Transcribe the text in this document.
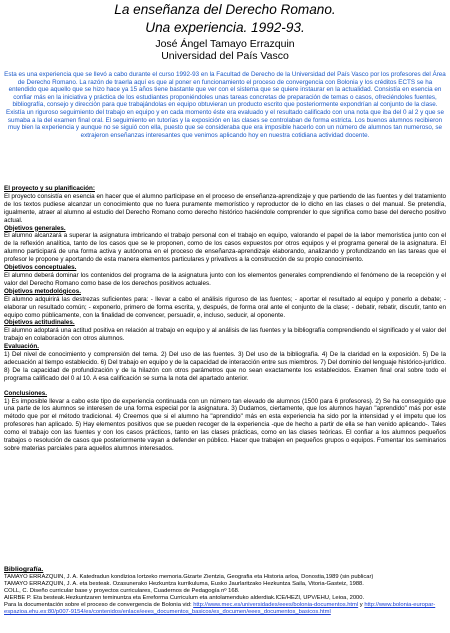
La enseñanza del Derecho Romano.
Una experiencia. 1992-93.
José Ángel Tamayo Errazquin
Universidad del País Vasco
Esta es una experiencia que se llevó a cabo durante el curso 1992-93 en la Facultad de Derecho de la Universidad del País Vasco por los profesores del Área de Derecho Romano. La razón de traerla aquí es que al poner en funcionamiento el proceso de convergencia con Bolonia y los créditos ECTS se ha entendido que aquello que se hizo hace ya 15 años tiene bastante que ver con el sistema que se quiere instaurar en la actualidad. Consistía en esencia en confiar más en la iniciativa y práctica de los estudiantes proponiéndoles unas tareas concretas de preparación de temas o casos, ofreciéndoles fuentes, bibliografía, consejo y dirección para que trabajándolas en equipo obtuvieran un producto escrito que posteriormente expondrían al conjunto de la clase. Existía un riguroso seguimiento del trabajo en equipo y en cada momento éste era evaluado y el resultado calificado con una nota que iba del 0 al 2 y que se sumaba a la del examen final oral. El seguimiento en tutorías y la exposición en las clases se controlaban de forma estricta. Los buenos alumnos recibieron muy bien la experiencia y aunque no se siguió con ella, puesto que se consideraba que era imposible hacerlo con un número de alumnos tan numeroso, se extrajeron enseñanzas interesantes que venimos aplicando hoy en nuestra cotidiana actividad docente.
El proyecto y su planificación:

El proyecto consistía en esencia en hacer que el alumno participase en el proceso de enseñanza-aprendizaje y que partiendo de las fuentes y del tratamiento de los textos pudiese alcanzar un conocimiento que no fuera puramente memorístico y reproductor de lo dicho en las clases o del manual. Se pretendía, igualmente, atraer al alumno al estudio del Derecho Romano como derecho histórico haciéndole comprender lo que significa como base del derecho positivo actual.

Objetivos generales.

El alumno alcanzará a superar la asignatura imbricando el trabajo personal con el trabajo en equipo, valorando el papel de la labor memorística junto con el de la reflexión analítica, tanto de los casos que se le proponen, como de los casos expuestos por otros equipos y el programa general de la asignatura. El alumno participará de una forma activa y autónoma en el proceso de enseñanza-aprendizaje elaborando, analizando y profundizando en las tareas que el profesor le propone y aportando de esta manera elementos particulares y privativos a la construcción de su propio conocimiento.

Objetivos conceptuales.

El alumno deberá dominar los contenidos del programa de la asignatura junto con los elementos generales comprendiendo el fenómeno de la recepción y el valor del Derecho Romano como base de los derechos positivos actuales.

Objetivos metodológicos.

El alumno adquirirá las destrezas suficientes para: - llevar a cabo el análisis riguroso de las fuentes; - aportar el resultado al equipo y ponerlo a debate; - elaborar un resultado común; - exponerlo, primero de forma escrita, y, después, de forma oral ante el conjunto de la clase; - debatir, rebatir, discutir, tanto en equipo como públicamente, con la finalidad de convencer, persuadir, e, incluso, seducir, al oponente.

Objetivos actitudinales.

El alumno adoptará una actitud positiva en relación al trabajo en equipo y al análisis de las fuentes y la bibliografía comprendiendo el significado y el valor del trabajo en colaboración con otros alumnos.

Evaluación.

1) Del nivel de conocimiento y comprensión del tema. 2) Del uso de las fuentes. 3) Del uso de la bibliografía. 4) De la claridad en la exposición. 5) De la adecuación al tiempo establecido. 6) Del trabajo en equipo y de la capacidad de interacción entre sus miembros. 7) Del dominio del lenguaje histórico-jurídico. 8) De la capacidad de profundización y de la hilazón con otros parámetros que no sean exactamente los establecidos. Examen final oral sobre todo el programa calificado del 0 al 10. A esa calificación se suma la nota del apartado anterior.

Conclusiones.

1) Es imposible llevar a cabo este tipo de experiencia continuada con un número tan elevado de alumnos (1500 para 6 profesores). 2) Se ha conseguido que una parte de los alumnos se interesen de una forma especial por la asignatura. 3) Dudamos, ciertamente, que los alumnos hayan "aprendido" más por este método que por el método tradicional. 4) Creemos que si el alumno ha "aprendido" más en esta experiencia ha sido por la intensidad y el ímpetu que los profesores han aplicado. 5) Hay elementos positivos que se pueden recoger de la experiencia -que de hecho a partir de ella se han venido aplicando-. Tales como el trabajo con las fuentes y con los casos prácticos, tanto en las clases prácticas, como en las clases teóricas. El confiar a los alumnos pequeños trabajos o resolución de casos que posteriormente vayan a defender en público. Hacer que trabajen en pequeños grupos o equipos. Fomentar los seminarios sobre materias parciales para aquellos alumnos interesados.

Bibliografía.
TAMAYO ERRAZQUIN, J. A. Katedradun kondizioa lortzeko memoria.Gizarte Zientzia, Geografia eta Historia arloa, Donostia,1989 (sin publicar)
TAMAYO ERRAZQUIN, J. A. eta besteak. Ozasunerako Hezkuntza kurrikuluma, Eusko Jaurlaritzako Hezkuntza Saila, Vitoria-Gasteiz, 1988.
COLL, C. Diseño curricular base y proyectos curriculares, Cuadernos de Pedagogía nº 168.
AIERBE P. Eta besteak.Hezkuntzaren teminuntza eta Erreforma Curriculum eta antolamenduko alderdiak.ICE/HEZI, UPV/EHU, Leioa, 2000.
Para la documentación sobre el proceso de convergencia de Bolonia vid: http://www.mec.es/universidades/eees/bolonia-documentos.html y http://www.bolonia-europar-espazioa.ehu.es:80/p007-9154/es/contenidos/enlace/eees_documentos_basicos/es_documen/eees_documentos_basicos.html
